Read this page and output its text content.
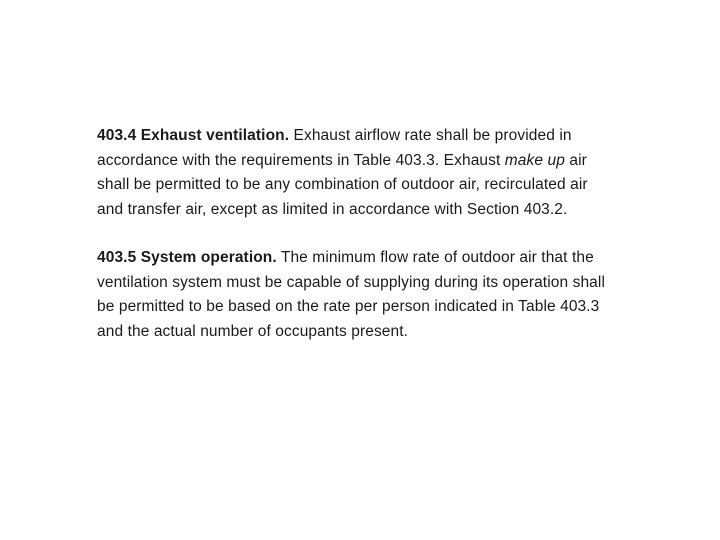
403.4 Exhaust ventilation. Exhaust airflow rate shall be provided in accordance with the requirements in Table 403.3. Exhaust make up air shall be permitted to be any combination of outdoor air, recirculated air and transfer air, except as limited in accordance with Section 403.2.

403.5 System operation. The minimum flow rate of outdoor air that the ventilation system must be capable of supplying during its operation shall be permitted to be based on the rate per person indicated in Table 403.3 and the actual number of occupants present.
